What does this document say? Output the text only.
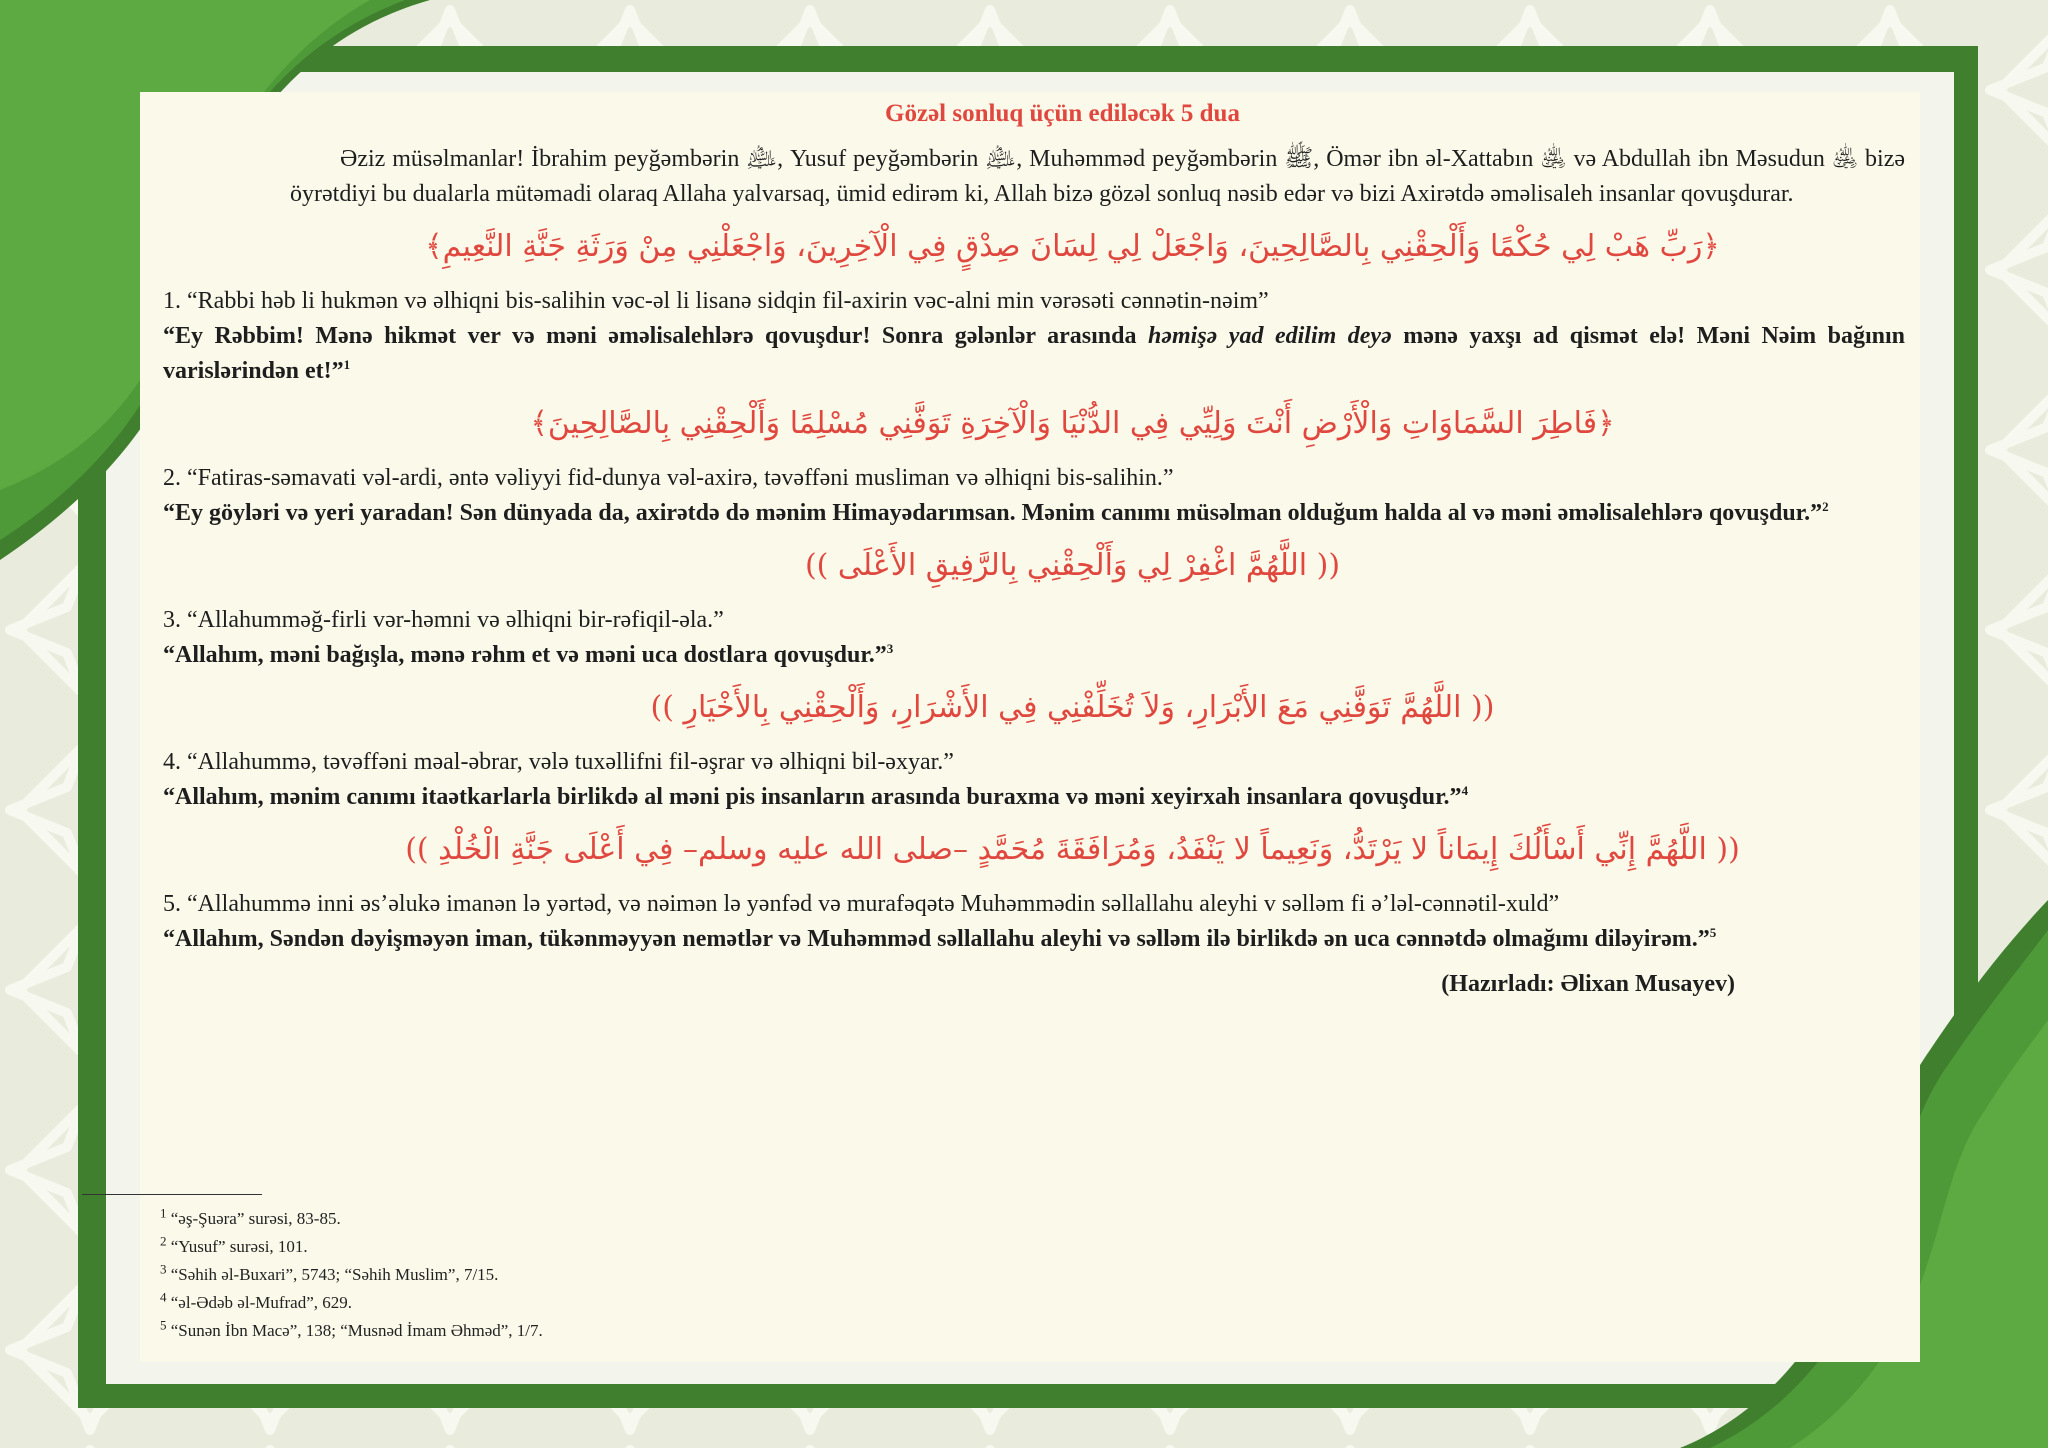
Gözəl sonluq üçün ediləcək 5 dua

Əziz müsəlmanlar! İbrahim peyğəmbərin ﵇, Yusuf peyğəmbərin ﵇, Muhəmməd peyğəmbərin ﷺ, Ömər ibn əl-Xattabın ﵁ və Abdullah ibn Məsudun ﵁ bizə öyrətdiyi bu dualarla mütəmadi olaraq Allaha yalvarsaq, ümid edirəm ki, Allah bizə gözəl sonluq nəsib edər və bizi Axirətdə əməlisaleh insanlar qovuşdurar.

﴿رَبِّ هَبْ لِي حُكْمًا وَأَلْحِقْنِي بِالصَّالِحِينَ، وَاجْعَلْ لِي لِسَانَ صِدْقٍ فِي الْآخِرِينَ، وَاجْعَلْنِي مِنْ وَرَثَةِ جَنَّةِ النَّعِيمِ﴾

1. “Rabbi həb li hukmən və əlhiqni bis-salihin vəc-əl li lisanə sidqin fil-axirin vəc-alni min vərəsəti cənnətin-nəim”

“Ey Rəbbim! Mənə hikmət ver və məni əməlisalehlərə qovuşdur! Sonra gələnlər arasında həmişə yad edilim deyə mənə yaxşı ad qismət elə! Məni Nəim bağının varislərindən et!”$^1$

﴿فَاطِرَ السَّمَاوَاتِ وَالْأَرْضِ أَنْتَ وَلِيِّي فِي الدُّنْيَا وَالْآخِرَةِ تَوَفَّنِي مُسْلِمًا وَأَلْحِقْنِي بِالصَّالِحِينَ﴾

2. “Fatiras-səmavati vəl-ardi, əntə vəliyyi fid-dunya vəl-axirə, təvəffəni musliman və əlhiqni bis-salihin.”

“Ey göyləri və yeri yaradan! Sən dünyada da, axirətdə də mənim Himayədarımsan. Mənim canımı müsəlman olduğum halda al və məni əməlisalehlərə qovuşdur.”$^2$

(( اللَّهُمَّ اغْفِرْ لِي وَأَلْحِقْنِي بِالرَّفِيقِ الأَعْلَى ))

3. “Allahumməğ-firli vər-həmni və əlhiqni bir-rəfiqil-əla.”

“Allahım, məni bağışla, mənə rəhm et və məni uca dostlara qovuşdur.”$^3$

(( اللَّهُمَّ تَوَفَّنِي مَعَ الأَبْرَارِ، وَلاَ تُخَلِّفْنِي فِي الأَشْرَارِ، وَأَلْحِقْنِي بِالأَخْيَارِ ))

4. “Allahummə, təvəffəni məal-əbrar, vələ tuxəllifni fil-əşrar və əlhiqni bil-əxyar.”

“Allahım, mənim canımı itaətkarlarla birlikdə al məni pis insanların arasında buraxma və məni xeyirxah insanlara qovuşdur.”$^4$

(( اللَّهُمَّ إِنِّي أَسْأَلُكَ إِيمَاناً لا يَرْتَدُّ، وَنَعِيماً لا يَنْفَدُ، وَمُرَافَقَةَ مُحَمَّدٍ –صلى الله عليه وسلم– فِي أَعْلَى جَنَّةِ الْخُلْدِ ))

5. “Allahummə inni əs’əlukə imanən lə yərtəd, və nəimən lə yənfəd və murafəqətə Muhəmmədin səllallahu aleyhi v səlləm fi ə’ləl-cənnətil-xuld”

“Allahım, Səndən dəyişməyən iman, tükənməyyən nemətlər və Muhəmməd səllallahu aleyhi və səlləm ilə birlikdə ən uca cənnətdə olmağımı diləyirəm.”$^5$

(Hazırladı: Əlixan Musayev)

$^1$ “əş-Şuəra” surəsi, 83-85.

$^2$ “Yusuf” surəsi, 101.

$^3$ “Səhih əl-Buxari”, 5743; “Səhih Muslim”, 7/15.

$^4$ “əl-Ədəb əl-Mufrad”, 629.

$^5$ “Sunən İbn Macə”, 138; “Musnəd İmam Əhməd”, 1/7.
